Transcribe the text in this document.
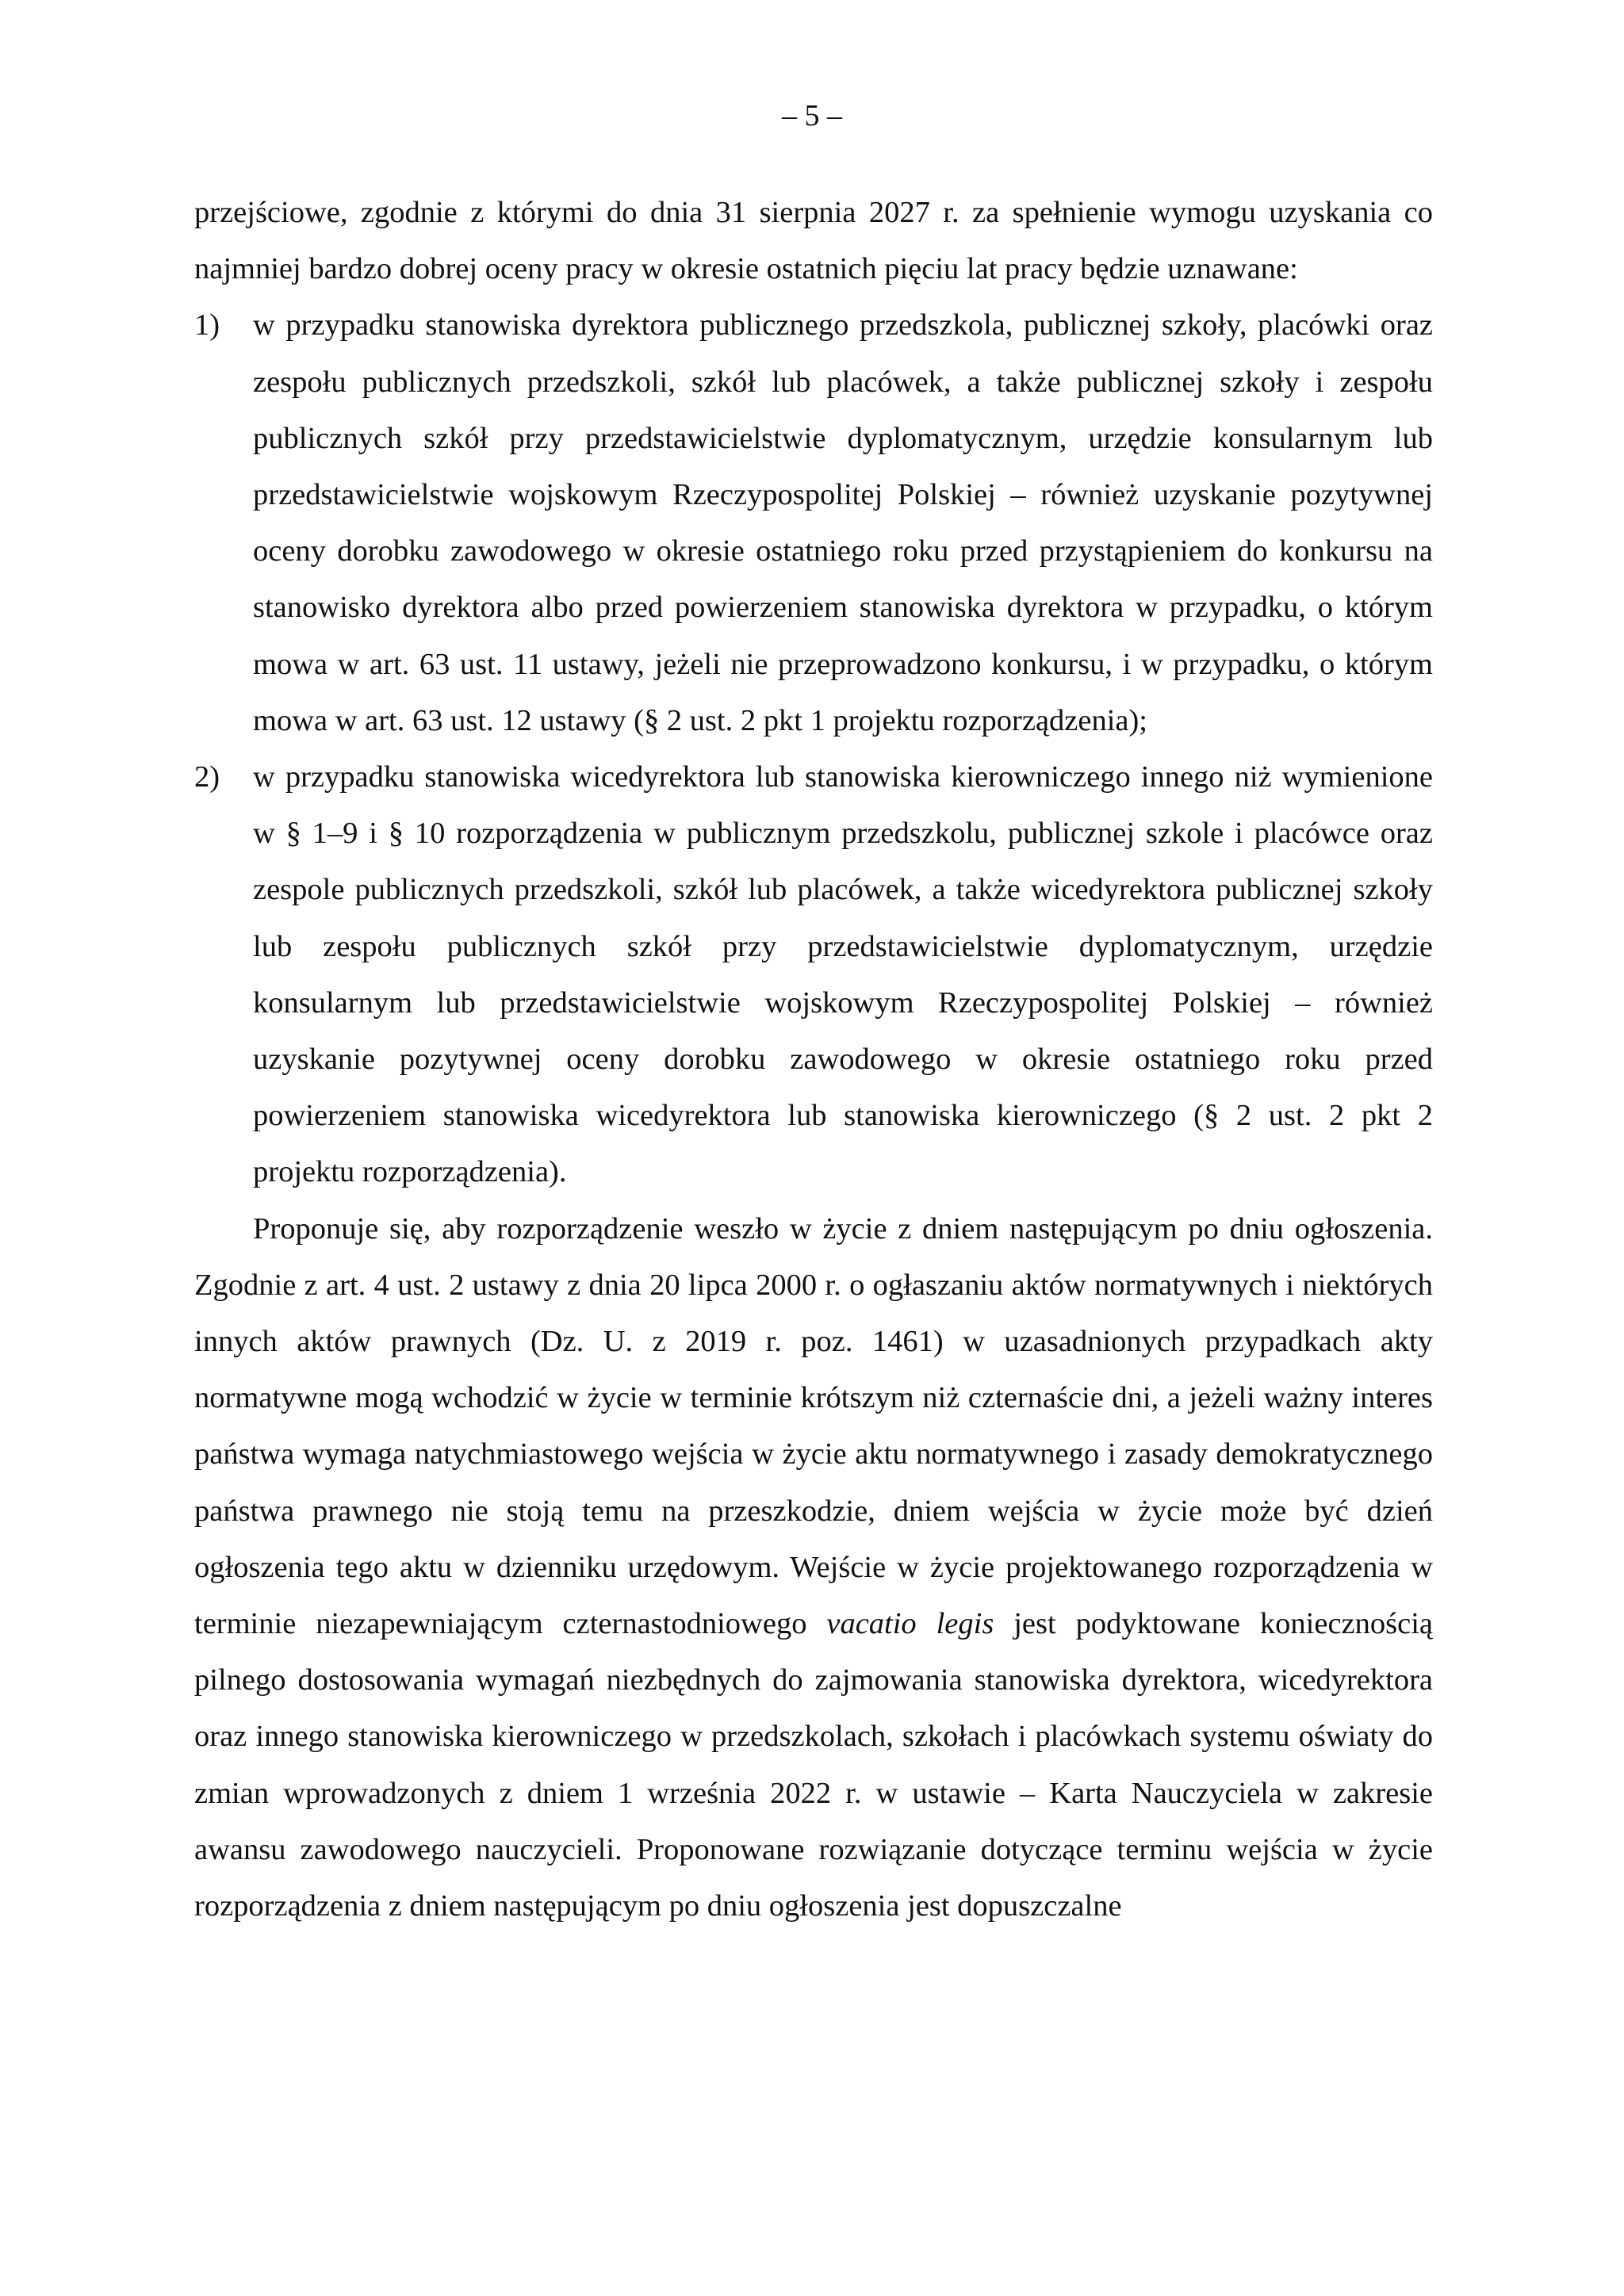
– 5 –

przejściowe, zgodnie z którymi do dnia 31 sierpnia 2027 r. za spełnienie wymogu uzyskania co najmniej bardzo dobrej oceny pracy w okresie ostatnich pięciu lat pracy będzie uznawane:

1) w przypadku stanowiska dyrektora publicznego przedszkola, publicznej szkoły, placówki oraz zespołu publicznych przedszkoli, szkół lub placówek, a także publicznej szkoły i zespołu publicznych szkół przy przedstawicielstwie dyplomatycznym, urzędzie konsularnym lub przedstawicielstwie wojskowym Rzeczypospolitej Polskiej – również uzyskanie pozytywnej oceny dorobku zawodowego w okresie ostatniego roku przed przystąpieniem do konkursu na stanowisko dyrektora albo przed powierzeniem stanowiska dyrektora w przypadku, o którym mowa w art. 63 ust. 11 ustawy, jeżeli nie przeprowadzono konkursu, i w przypadku, o którym mowa w art. 63 ust. 12 ustawy (§ 2 ust. 2 pkt 1 projektu rozporządzenia);
2) w przypadku stanowiska wicedyrektora lub stanowiska kierowniczego innego niż wymienione w § 1–9 i § 10 rozporządzenia w publicznym przedszkolu, publicznej szkole i placówce oraz zespole publicznych przedszkoli, szkół lub placówek, a także wicedyrektora publicznej szkoły lub zespołu publicznych szkół przy przedstawicielstwie dyplomatycznym, urzędzie konsularnym lub przedstawicielstwie wojskowym Rzeczypospolitej Polskiej – również uzyskanie pozytywnej oceny dorobku zawodowego w okresie ostatniego roku przed powierzeniem stanowiska wicedyrektora lub stanowiska kierowniczego (§ 2 ust. 2 pkt 2 projektu rozporządzenia).

Proponuje się, aby rozporządzenie weszło w życie z dniem następującym po dniu ogłoszenia. Zgodnie z art. 4 ust. 2 ustawy z dnia 20 lipca 2000 r. o ogłaszaniu aktów normatywnych i niektórych innych aktów prawnych (Dz. U. z 2019 r. poz. 1461) w uzasadnionych przypadkach akty normatywne mogą wchodzić w życie w terminie krótszym niż czternaście dni, a jeżeli ważny interes państwa wymaga natychmiastowego wejścia w życie aktu normatywnego i zasady demokratycznego państwa prawnego nie stoją temu na przeszkodzie, dniem wejścia w życie może być dzień ogłoszenia tego aktu w dzienniku urzędowym. Wejście w życie projektowanego rozporządzenia w terminie niezapewniającym czternastodniowego vacatio legis jest podyktowane koniecznością pilnego dostosowania wymagań niezbędnych do zajmowania stanowiska dyrektora, wicedyrektora oraz innego stanowiska kierowniczego w przedszkolach, szkołach i placówkach systemu oświaty do zmian wprowadzonych z dniem 1 września 2022 r. w ustawie – Karta Nauczyciela w zakresie awansu zawodowego nauczycieli. Proponowane rozwiązanie dotyczące terminu wejścia w życie rozporządzenia z dniem następującym po dniu ogłoszenia jest dopuszczalne
